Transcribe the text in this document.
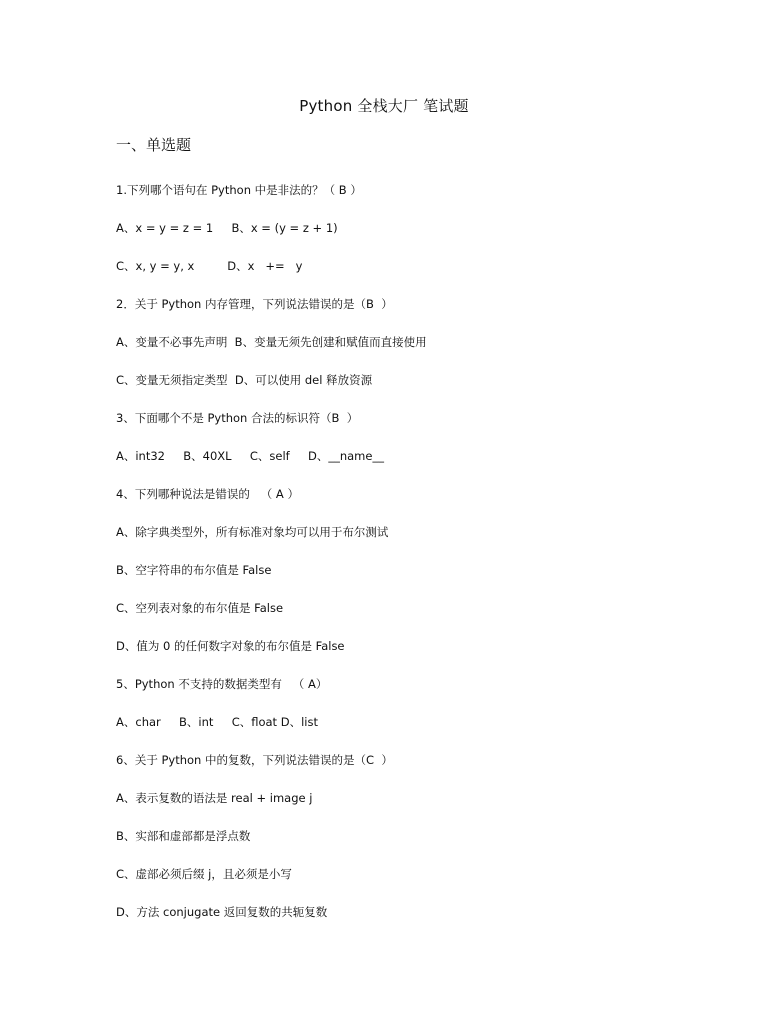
Python 全栈大厂 笔试题
一、单选题
1.下列哪个语句在 Python 中是非法的？（ B ）
A、x = y = z = 1     B、x = (y = z + 1)
C、x, y = y, x         D、x   +=   y
2．关于 Python 内存管理，下列说法错误的是（B  ）
A、变量不必事先声明  B、变量无须先创建和赋值而直接使用
C、变量无须指定类型  D、可以使用 del 释放资源
3、下面哪个不是 Python 合法的标识符（B  ）
A、int32     B、40XL     C、self     D、__name__
4、下列哪种说法是错误的   （ A ）
A、除字典类型外，所有标准对象均可以用于布尔测试
B、空字符串的布尔值是 False
C、空列表对象的布尔值是 False
D、值为 0 的任何数字对象的布尔值是 False
5、Python 不支持的数据类型有   （ A）
A、char     B、int     C、float D、list
6、关于 Python 中的复数，下列说法错误的是（C  ）
A、表示复数的语法是 real + image j
B、实部和虚部都是浮点数
C、虚部必须后缀 j，且必须是小写
D、方法 conjugate 返回复数的共轭复数
